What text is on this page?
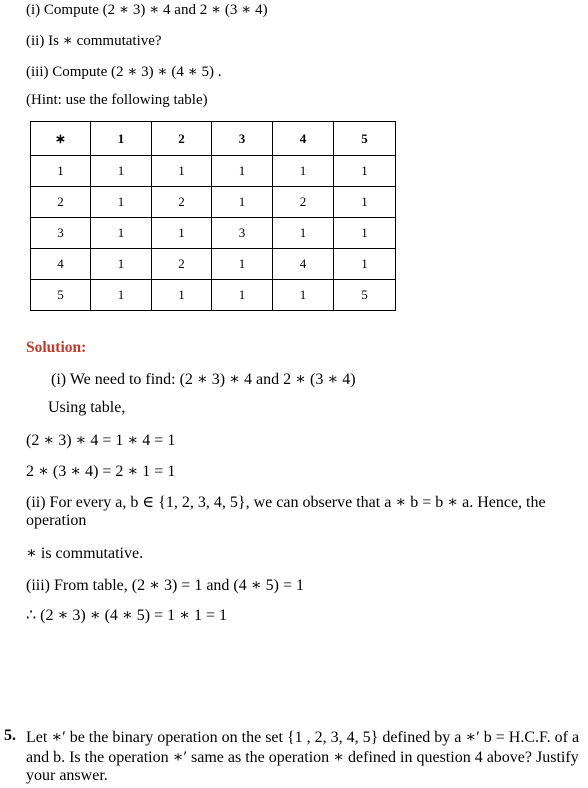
(i) Compute (2 ∗ 3) ∗ 4 and 2 ∗ (3 ∗ 4)
(ii) Is ∗ commutative?
(iii) Compute (2 ∗ 3) ∗ (4 ∗ 5) .
(Hint: use the following table)
∗	1	2	3	4	5
1	1	1	1	1	1
2	1	2	1	2	1
3	1	1	3	1	1
4	1	2	1	4	1
5	1	1	1	1	5
Solution:
(i) We need to find: (2 ∗ 3) ∗ 4 and 2 ∗ (3 ∗ 4)
Using table,
(2 ∗ 3) ∗ 4 = 1 ∗ 4 = 1
2 ∗ (3 ∗ 4) = 2 ∗ 1 = 1
(ii) For every a, b ∈ {1, 2, 3, 4, 5}, we can observe that a ∗ b = b ∗ a. Hence, the
operation
∗ is commutative.
(iii) From table, (2 ∗ 3) = 1 and (4 ∗ 5) = 1
∴ (2 ∗ 3) ∗ (4 ∗ 5) = 1 ∗ 1 = 1
5. Let ∗′ be the binary operation on the set {1 , 2, 3, 4, 5} defined by a ∗′ b = H.C.F. of a
and b. Is the operation ∗′ same as the operation ∗ defined in question 4 above? Justify
your answer.
